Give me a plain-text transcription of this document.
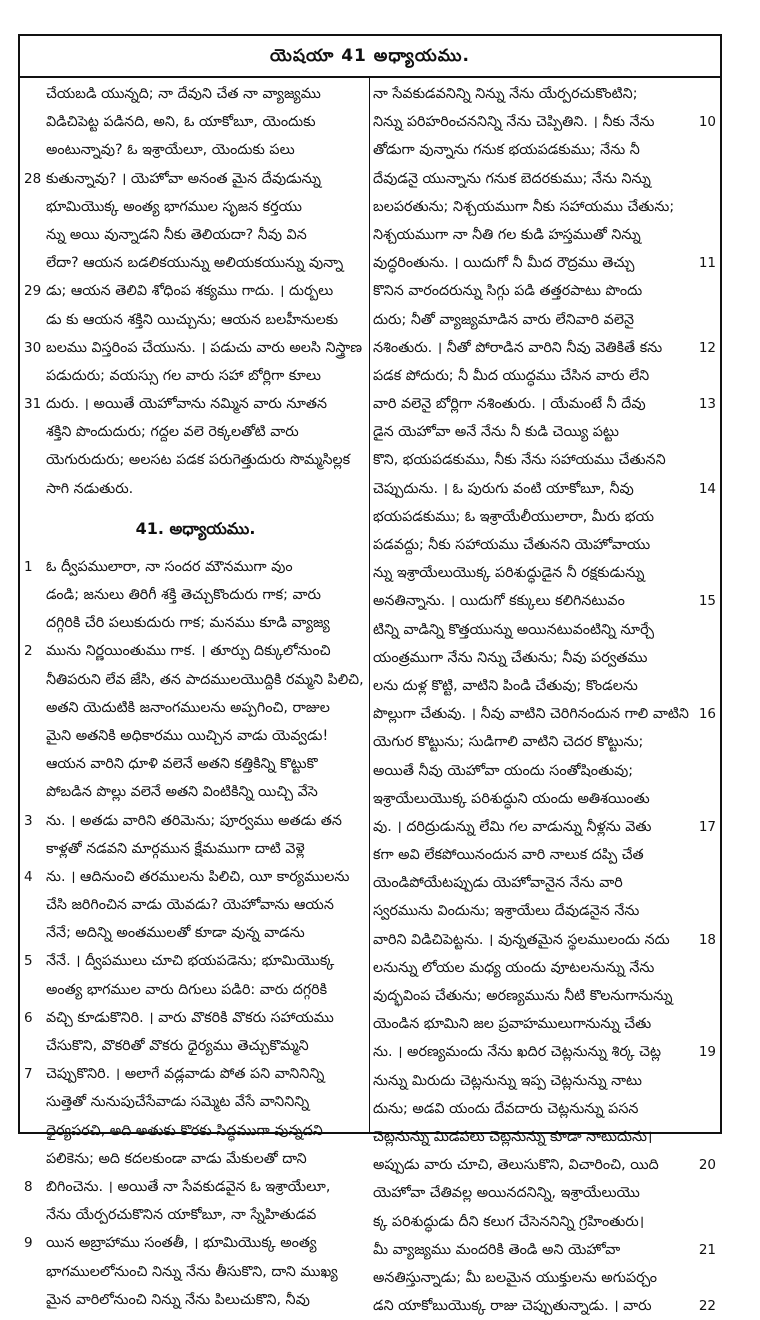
యెషయా 41 అధ్యాయము.
చేయబడి యున్నది; నా దేవుని చేత నా వ్యాజ్యము
విడిచిపెట్ట పడినది, అని, ఓ యాకోబూ, యెందుకు
అంటున్నావు? ఓ ఇశ్రాయేలూ, యెందుకు పలు
28 కుతున్నావు? । యెహోవా అనంత మైన దేవుడున్ను
భూమియొక్క అంత్య భాగముల సృజన కర్తయు
న్ను అయి వున్నాడని నీకు తెలియదా? నీవు విన
లేదా? ఆయన బడలికయున్ను అలియకయున్ను వున్నా
29 డు; ఆయన తెలివి శోధింప శక్యము గాదు. । దుర్బలు
డు కు ఆయన శక్తిని యిచ్చును; ఆయన బలహీనులకు
30 బలము విస్తరింప చేయును. । పడుచు వారు అలసి నిస్త్రాణ
పడుదురు; వయస్సు గల వారు సహా బోర్లిగా కూలు
31 దురు. । అయితే యెహోవాను నమ్మిన వారు నూతన
శక్తిని పొందుదురు; గద్దల వలె రెక్కలతోటి వారు
యెగురుదురు; అలసట పడక పరుగెత్తుదురు సొమ్మసిల్లక
సాగి నడుతురు.
41. అధ్యాయము.
1 ఓ ద్వీపములారా, నా సందర మౌనముగా వుం
డండి; జనులు తిరిగీ శక్తి తెచ్చుకొందురు గాక; వారు
దగ్గిరికి చేరి పలుకుదురు గాక; మనము కూడి వ్యాజ్య
2 మును నిర్ణయింతుము గాక. । తూర్పు దిక్కులోనుంచి
నీతిపరుని లేవ జేసి, తన పాదములయొద్దికి రమ్మని పిలిచి,
అతని యెదుటికి జనాంగములను అప్పగించి, రాజుల
మైని అతనికి అధికారము యిచ్చిన వాడు యెవ్వడు!
ఆయన వారిని ధూళి వలెనే అతని కత్తికిన్ని కొట్టుకొ
పోబడిన పొల్లు వలెనే అతని వింటికిన్ని యిచ్చి వేసె
3 ను. । అతడు వారిని తరిమెను; పూర్వము అతడు తన
కాళ్లతో నడవని మార్గమున క్షేమముగా దాటి వెళ్లె
4 ను. । ఆదినుంచి తరములను పిలిచి, యీ కార్యములను
చేసి జరిగించిన వాడు యెవడు? యెహోవాను ఆయన
నేనే; అదిన్ని అంతములతో కూడా వున్న వాడను
5 నేనే. । ద్వీపములు చూచి భయపడెను; భూమియొక్క
అంత్య భాగముల వారు దిగులు పడిరి: వారు దగ్గరికి
6 వచ్చి కూడుకొనిరి. । వారు వొకరికి వొకరు సహాయము
చేసుకొని, వొకరితో వొకరు ధైర్యము తెచ్చుకొమ్మని
7 చెప్పుకొనిరి. । అలాగే వడ్లవాడు పోత పని వానినిన్ని
సుత్తెతో నునుపుచేసేవాడు సమ్మెట వేసే వానినిన్ని
ధైర్యపరచి, అది అతుకు కొరకు సిద్ధముగా వున్నదని
పలికెను; అది కదలకుండా వాడు మేకులతో దాని
8 బిగించెను. । అయితే నా సేవకుడవైన ఓ ఇశ్రాయేలూ,
నేను యేర్పరచుకొనిన యాకోబూ, నా స్నేహితుడవ
9 యిన అబ్రాహాము సంతతీ, । భూమియొక్క అంత్య
భాగములలోనుంచి నిన్ను నేను తీసుకొని, దాని ముఖ్య
మైన వారిలోనుంచి నిన్ను నేను పిలుచుకొని, నీవు
నా సేవకుడవనిన్ని నిన్ను నేను యేర్పరచుకొంటిని;
10
నిన్ను పరిహరించననిన్ని నేను చెప్పితిని. । నీకు నేను
తోడుగా వున్నాను గనుక భయపడకుము; నేను నీ
దేవుడనై యున్నాను గనుక బెదరకుము; నేను నిన్ను
బలపరతును; నిశ్చయముగా నీకు సహాయము చేతును;
నిశ్చయముగా నా నీతి గల కుడి హస్తముతో నిన్ను
11
వుద్ధరింతును. । యిదుగో నీ మీద రౌద్రము తెచ్చు
కొనిన వారందరున్ను సిగ్గు పడి తత్తరపాటు పొందు
దురు; నీతో వ్యాజ్యమాడిన వారు లేనివారి వలెనై
12
నశింతురు. । నీతో పోరాడిన వారిని నీవు వెతికితే కను
పడక పోదురు; నీ మీద యుద్ధము చేసిన వారు లేని
13
వారి వలెనై బోర్లిగా నశింతురు. । యేమంటే నీ దేవు
డైన యెహోవా అనే నేను నీ కుడి చెయ్యి పట్టు
కొని, భయపడకుము, నీకు నేను సహాయము చేతునని
14
చెప్పుదును. । ఓ పురుగు వంటి యాకోబూ, నీవు
భయపడకుము; ఓ ఇశ్రాయేలీయులారా, మీరు భయ
పడవద్దు; నీకు సహాయము చేతునని యెహోవాయు
న్ను ఇశ్రాయేలుయొక్క పరిశుద్ధుడైన నీ రక్షకుడున్ను
15
అనతిన్నాను. । యిదుగో కక్కులు కలిగినటువం
టిన్ని వాడిన్ని కొత్తయున్ను అయినటువంటిన్ని నూర్చే
యంత్రముగా నేను నిన్ను చేతును; నీవు పర్వతము
లను దుళ్ల కొట్టి, వాటిని పిండి చేతువు; కొండలను
16
పొల్లుగా చేతువు. । నీవు వాటిని చెరిగినందున గాలి వాటిని
యెగుర కొట్టును; సుడిగాలి వాటిని చెదర కొట్టును;
అయితే నీవు యెహోవా యందు సంతోషింతువు;
ఇశ్రాయేలుయొక్క పరిశుద్ధుని యందు అతిశయింతు
17
వు. । దరిద్రుడున్ను లేమి గల వాడున్ను నీళ్లను వెతు
కగా అవి లేకపోయినందున వారి నాలుక దప్పి చేత
యెండిపోయేటప్పుడు యెహోవానైన నేను వారి
స్వరమును విందును; ఇశ్రాయేలు దేవుడనైన నేను
18
వారిని విడిచిపెట్టను. । వున్నతమైన స్థలములందు నదు
లనున్ను లోయల మధ్య యందు వూటలనున్ను నేను
వుద్భవింప చేతును; అరణ్యమును నీటి కొలనుగానున్ను
యెండిన భూమిని జల ప్రవాహములుగానున్ను చేతు
19
ను. । అరణ్యమందు నేను ఖదిర చెట్లనున్ను శిర్క చెట్ల
నున్ను మిరుదు చెట్లనున్ను ఇప్ప చెట్లనున్ను నాటు
దును; అడవి యందు దేవదారు చెట్లనున్ను పసన
చెట్లనున్ను మిడపలు చెట్లనున్ను కూడా నాటుదును।
20
అప్పుడు వారు చూచి, తెలుసుకొని, విచారించి, యిది
యెహోవా చేతివల్ల అయినదనిన్ని, ఇశ్రాయేలుయొ
క్క పరిశుద్ధుడు దీని కలుగ చేసెననిన్ని గ్రహింతురు।
21
మీ వ్యాజ్యము మందరికి తెండి అని యెహోవా
అనతిస్తున్నాడు; మీ బలమైన యుక్తులను అగుపర్చం
22
డని యాకోబుయొక్క రాజు చెప్పుతున్నాడు. । వారు
